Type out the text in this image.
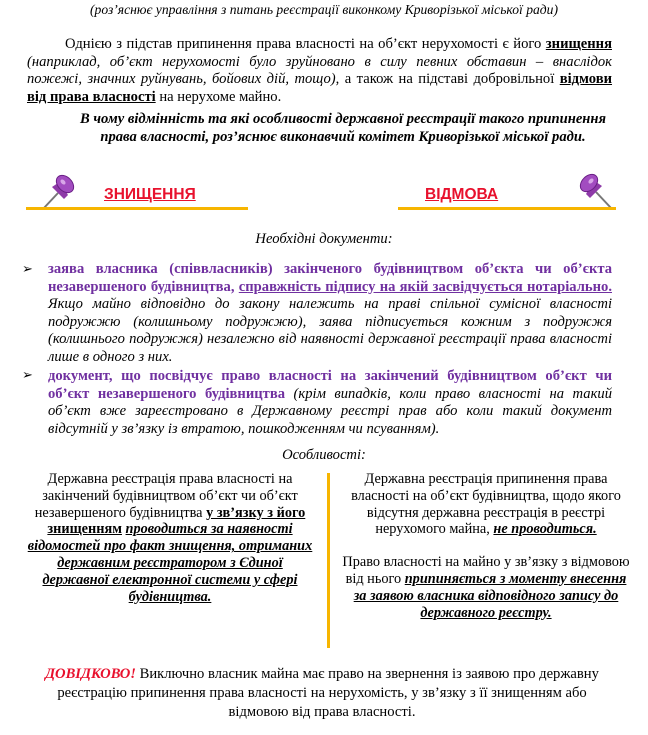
(роз’яснює управління з питань реєстрації виконкому Криворізької міської ради)
Однією з підстав припинення права власності на об’єкт нерухомості є його знищення (наприклад, об’єкт нерухомості було зруйновано в силу певних обставин – внаслідок пожежі, значних руйнувань, бойових дій, тощо), а також на підставі добровільної відмови від права власності на нерухоме майно.
В чому відмінність та які особливості державної реєстрації такого припинення права власності, роз’яснює виконавчий комітет Криворізької міської ради.
ЗНИЩЕННЯ	ВІДМОВА
Необхідні документи:
➢ заява власника (співвласників) закінченого будівництвом об’єкта чи об’єкта незавершеного будівництва, справжність підпису на якій засвідчується нотаріально. Якщо майно відповідно до закону належить на праві спільної сумісної власності подружжю (колишньому подружжю), заява підписується кожним з подружжя (колишнього подружжя) незалежно від наявності державної реєстрації права власності лише в одного з них.
➢ документ, що посвідчує право власності на закінчений будівництвом об’єкт чи об’єкт незавершеного будівництва (крім випадків, коли право власності на такий об’єкт вже зареєстровано в Державному реєстрі прав або коли такий документ відсутній у зв’язку із втратою, пошкодженням чи псуванням).
Особливості:
Державна реєстрація права власності на закінчений будівництвом об’єкт чи об’єкт незавершеного будівництва у зв’язку з його знищенням проводиться за наявності відомостей про факт знищення, отриманих державним реєстратором з Єдиної державної електронної системи у сфері будівництва.

Державна реєстрація припинення права власності на об’єкт будівництва, щодо якого відсутня державна реєстрація в реєстрі нерухомого майна, не проводиться.

Право власності на майно у зв’язку з відмовою від нього припиняється з моменту внесення за заявою власника відповідного запису до державного реєстру.

ДОВІДКОВО! Виключно власник майна має право на звернення із заявою про державну реєстрацію припинення права власності на нерухомість, у зв’язку з її знищенням або відмовою від права власності.
